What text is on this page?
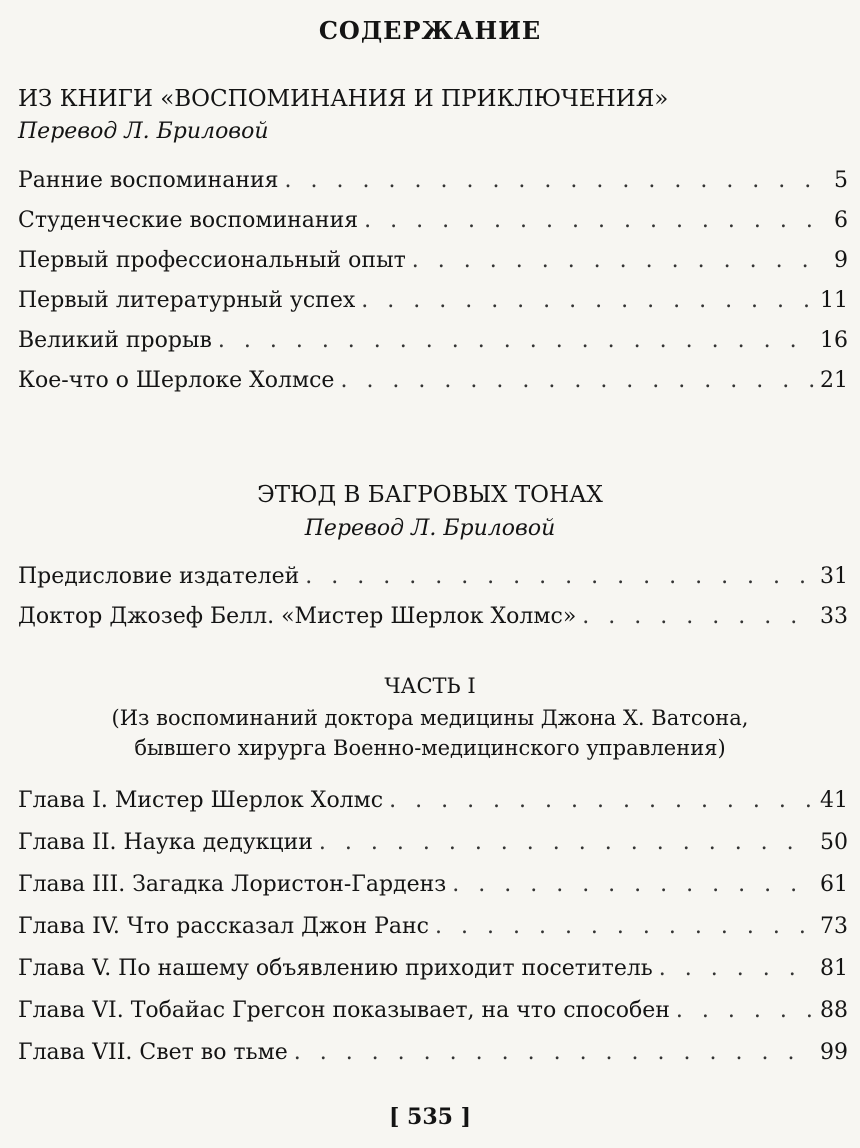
СОДЕРЖАНИЕ
ИЗ КНИГИ «ВОСПОМИНАНИЯ И ПРИКЛЮЧЕНИЯ»
Перевод Л. Бриловой
Ранние воспоминания . . .	5
Студенческие воспоминания . . .	6
Первый профессиональный опыт . . .	9
Первый литературный успех . . .	11
Великий прорыв . . .	16
Кое-что о Шерлоке Холмсе . . .	21
ЭТЮД В БАГРОВЫХ ТОНАХ
Перевод Л. Бриловой
Предисловие издателей . . .	31
Доктор Джозеф Белл. «Мистер Шерлок Холмс» . . .	33
ЧАСТЬ I
(Из воспоминаний доктора медицины Джона Х. Ватсона,
бывшего хирурга Военно-медицинского управления)
Глава I. Мистер Шерлок Холмс . . .	41
Глава II. Наука дедукции . . .	50
Глава III. Загадка Лористон-Гарденз . . .	61
Глава IV. Что рассказал Джон Ранс . . .	73
Глава V. По нашему объявлению приходит посетитель . . .	81
Глава VI. Тобайас Грегсон показывает, на что способен . . .	88
Глава VII. Свет во тьме . . .	99
[ 535 ]
